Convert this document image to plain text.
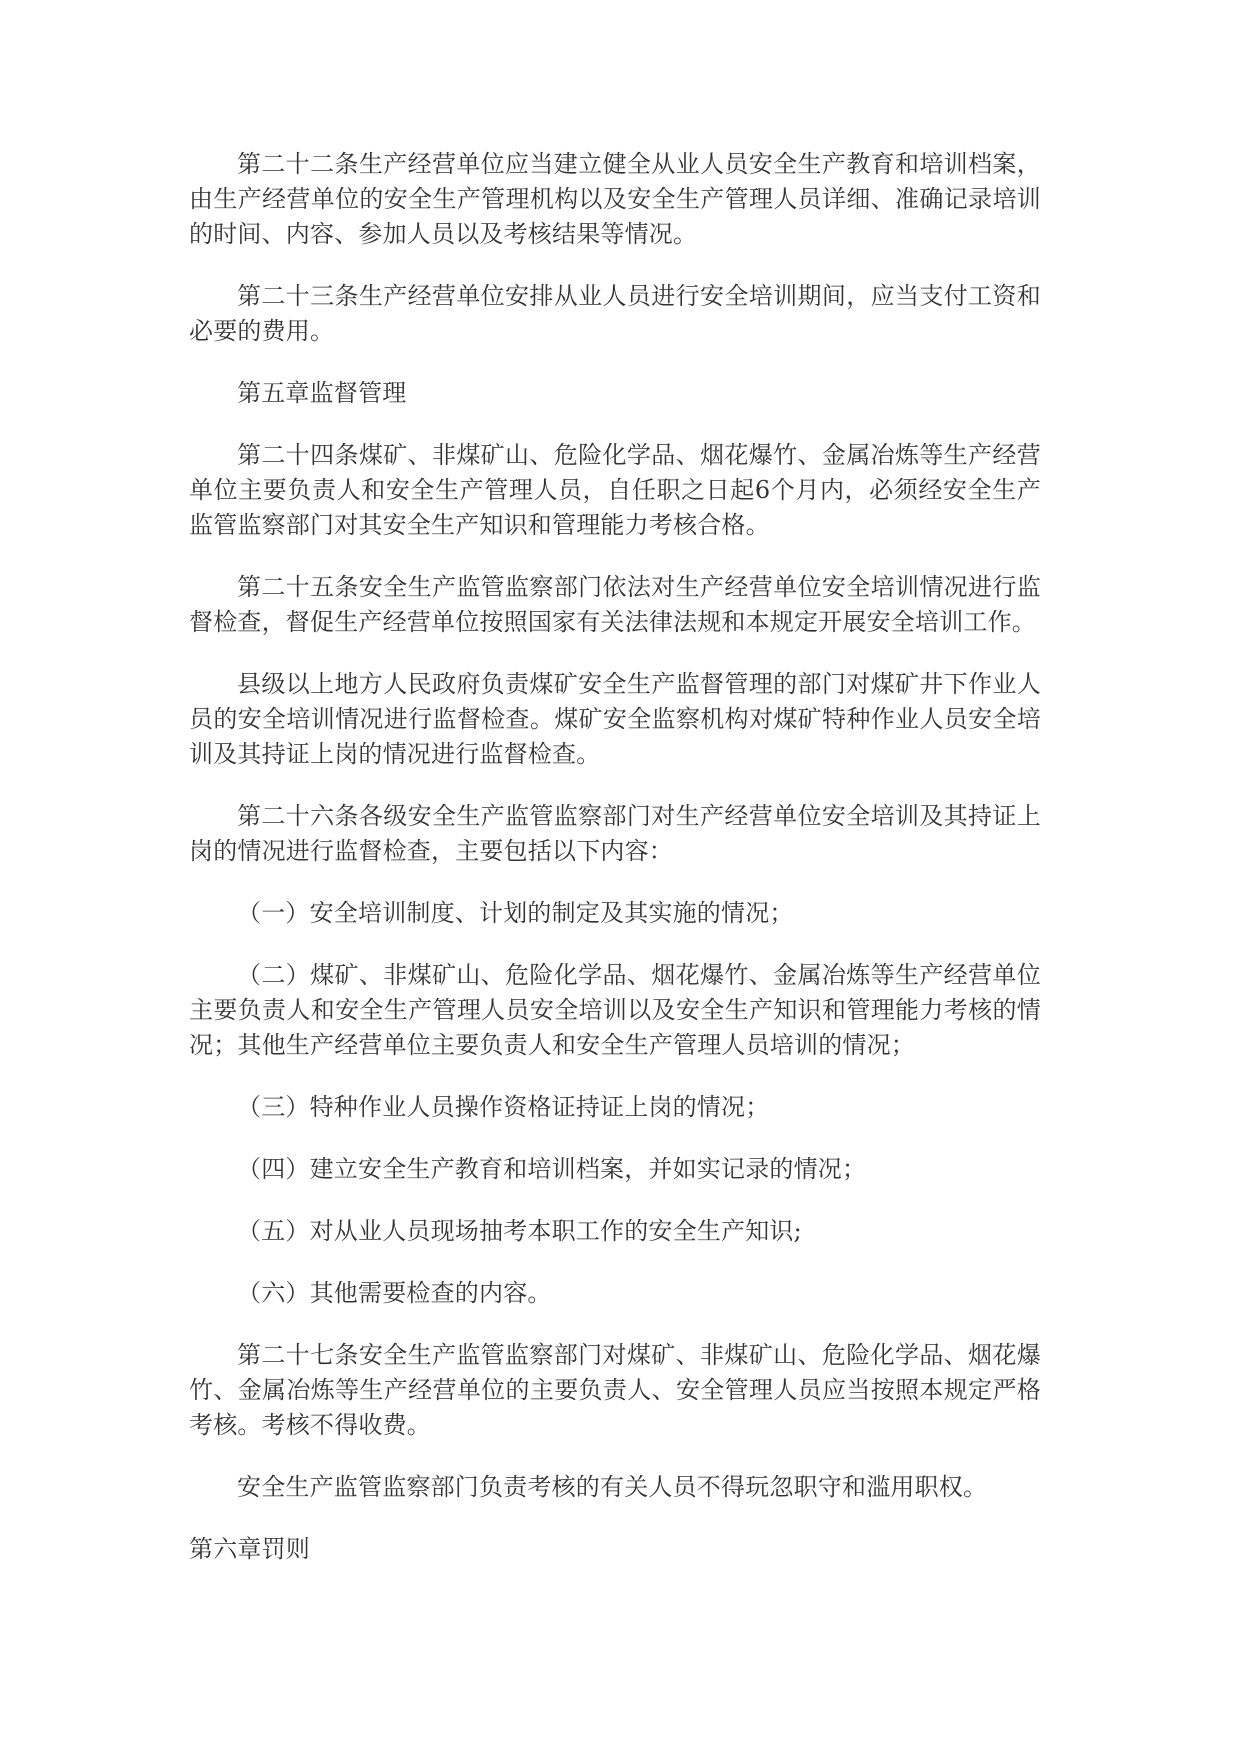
第二十二条生产经营单位应当建立健全从业人员安全生产教育和培训档案，由生产经营单位的安全生产管理机构以及安全生产管理人员详细、准确记录培训的时间、内容、参加人员以及考核结果等情况。

第二十三条生产经营单位安排从业人员进行安全培训期间，应当支付工资和必要的费用。

第五章监督管理

第二十四条煤矿、非煤矿山、危险化学品、烟花爆竹、金属冶炼等生产经营单位主要负责人和安全生产管理人员，自任职之日起6个月内，必须经安全生产监管监察部门对其安全生产知识和管理能力考核合格。

第二十五条安全生产监管监察部门依法对生产经营单位安全培训情况进行监督检查，督促生产经营单位按照国家有关法律法规和本规定开展安全培训工作。

县级以上地方人民政府负责煤矿安全生产监督管理的部门对煤矿井下作业人员的安全培训情况进行监督检查。煤矿安全监察机构对煤矿特种作业人员安全培训及其持证上岗的情况进行监督检查。

第二十六条各级安全生产监管监察部门对生产经营单位安全培训及其持证上岗的情况进行监督检查，主要包括以下内容：

（一）安全培训制度、计划的制定及其实施的情况；

（二）煤矿、非煤矿山、危险化学品、烟花爆竹、金属冶炼等生产经营单位主要负责人和安全生产管理人员安全培训以及安全生产知识和管理能力考核的情况；其他生产经营单位主要负责人和安全生产管理人员培训的情况；

（三）特种作业人员操作资格证持证上岗的情况；

（四）建立安全生产教育和培训档案，并如实记录的情况；

（五）对从业人员现场抽考本职工作的安全生产知识;

（六）其他需要检查的内容。

第二十七条安全生产监管监察部门对煤矿、非煤矿山、危险化学品、烟花爆竹、金属冶炼等生产经营单位的主要负责人、安全管理人员应当按照本规定严格考核。考核不得收费。

安全生产监管监察部门负责考核的有关人员不得玩忽职守和滥用职权。

第六章罚则
